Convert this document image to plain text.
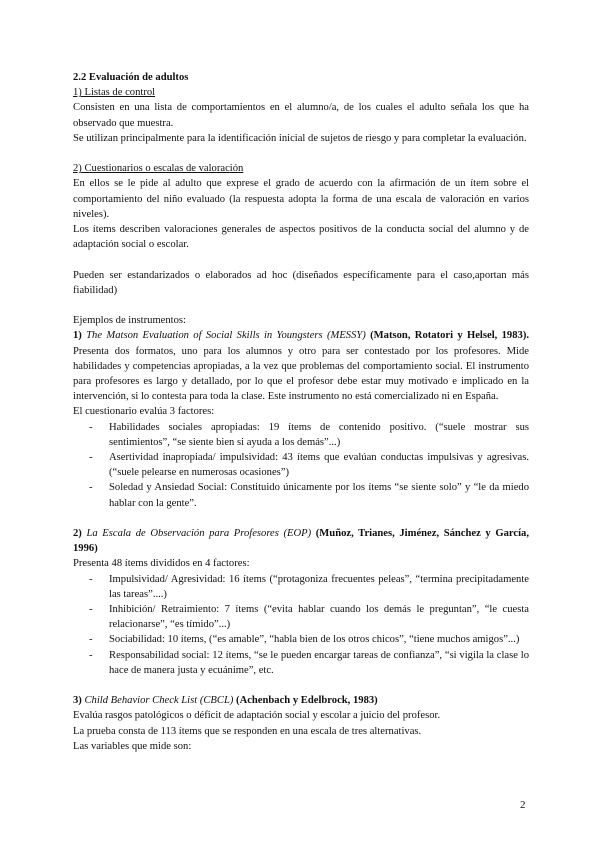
2.2 Evaluación de adultos

1) Listas de control

Consisten en una lista de comportamientos en el alumno/a, de los cuales el adulto señala los que ha observado que muestra.

Se utilizan principalmente para la identificación inicial de sujetos de riesgo y para completar la evaluación.

2) Cuestionarios o escalas de valoración

En ellos se le pide al adulto que exprese el grado de acuerdo con la afirmación de un ítem sobre el comportamiento del niño evaluado (la respuesta adopta la forma de una escala de valoración en varios niveles).

Los ítems describen valoraciones generales de aspectos positivos de la conducta social del alumno y de adaptación social o escolar.

Pueden ser estandarizados o elaborados ad hoc (diseñados específicamente para el caso,aportan más fiabilidad)

Ejemplos de instrumentos:

1) The Matson Evaluation of Social Skills in Youngsters (MESSY) (Matson, Rotatori y Helsel, 1983). Presenta dos formatos, uno para los alumnos y otro para ser contestado por los profesores. Mide habilidades y competencias apropiadas, a la vez que problemas del comportamiento social. El instrumento para profesores es largo y detallado, por lo que el profesor debe estar muy motivado e implicado en la intervención, si lo contesta para toda la clase. Este instrumento no está comercializado ni en España.

El cuestionario evalúa 3 factores:

- Habilidades sociales apropiadas: 19 ítems de contenido positivo. (“suele mostrar sus sentimientos”, “se siente bien si ayuda a los demás”...)
- Asertividad inapropiada/ impulsividad: 43 ítems que evalúan conductas impulsivas y agresivas. (“suele pelearse en numerosas ocasiones”)
- Soledad y Ansiedad Social: Constituido únicamente por los ítems “se siente solo” y “le da miedo hablar con la gente”.

2) La Escala de Observación para Profesores (EOP) (Muñoz, Trianes, Jiménez, Sánchez y García, 1996)

Presenta 48 ítems divididos en 4 factores:

- Impulsividad/ Agresividad: 16 ítems (“protagoniza frecuentes peleas”, “termina precipitadamente las tareas”....)
- Inhibición/ Retraimiento: 7 ítems (“evita hablar cuando los demás le preguntan”, “le cuesta relacionarse”, “es tímido”...)
- Sociabilidad: 10 ítems, (“es amable”, “habla bien de los otros chicos”, “tiene muchos amigos”...)
- Responsabilidad social: 12 ítems, “se le pueden encargar tareas de confianza”, “si vigila la clase lo hace de manera justa y ecuánime”, etc.

3) Child Behavior Check List (CBCL) (Achenbach y Edelbrock, 1983)

Evalúa rasgos patológicos o déficit de adaptación social y escolar a juicio del profesor.

La prueba consta de 113 ítems que se responden en una escala de tres alternativas.

Las variables que mide son:

2
